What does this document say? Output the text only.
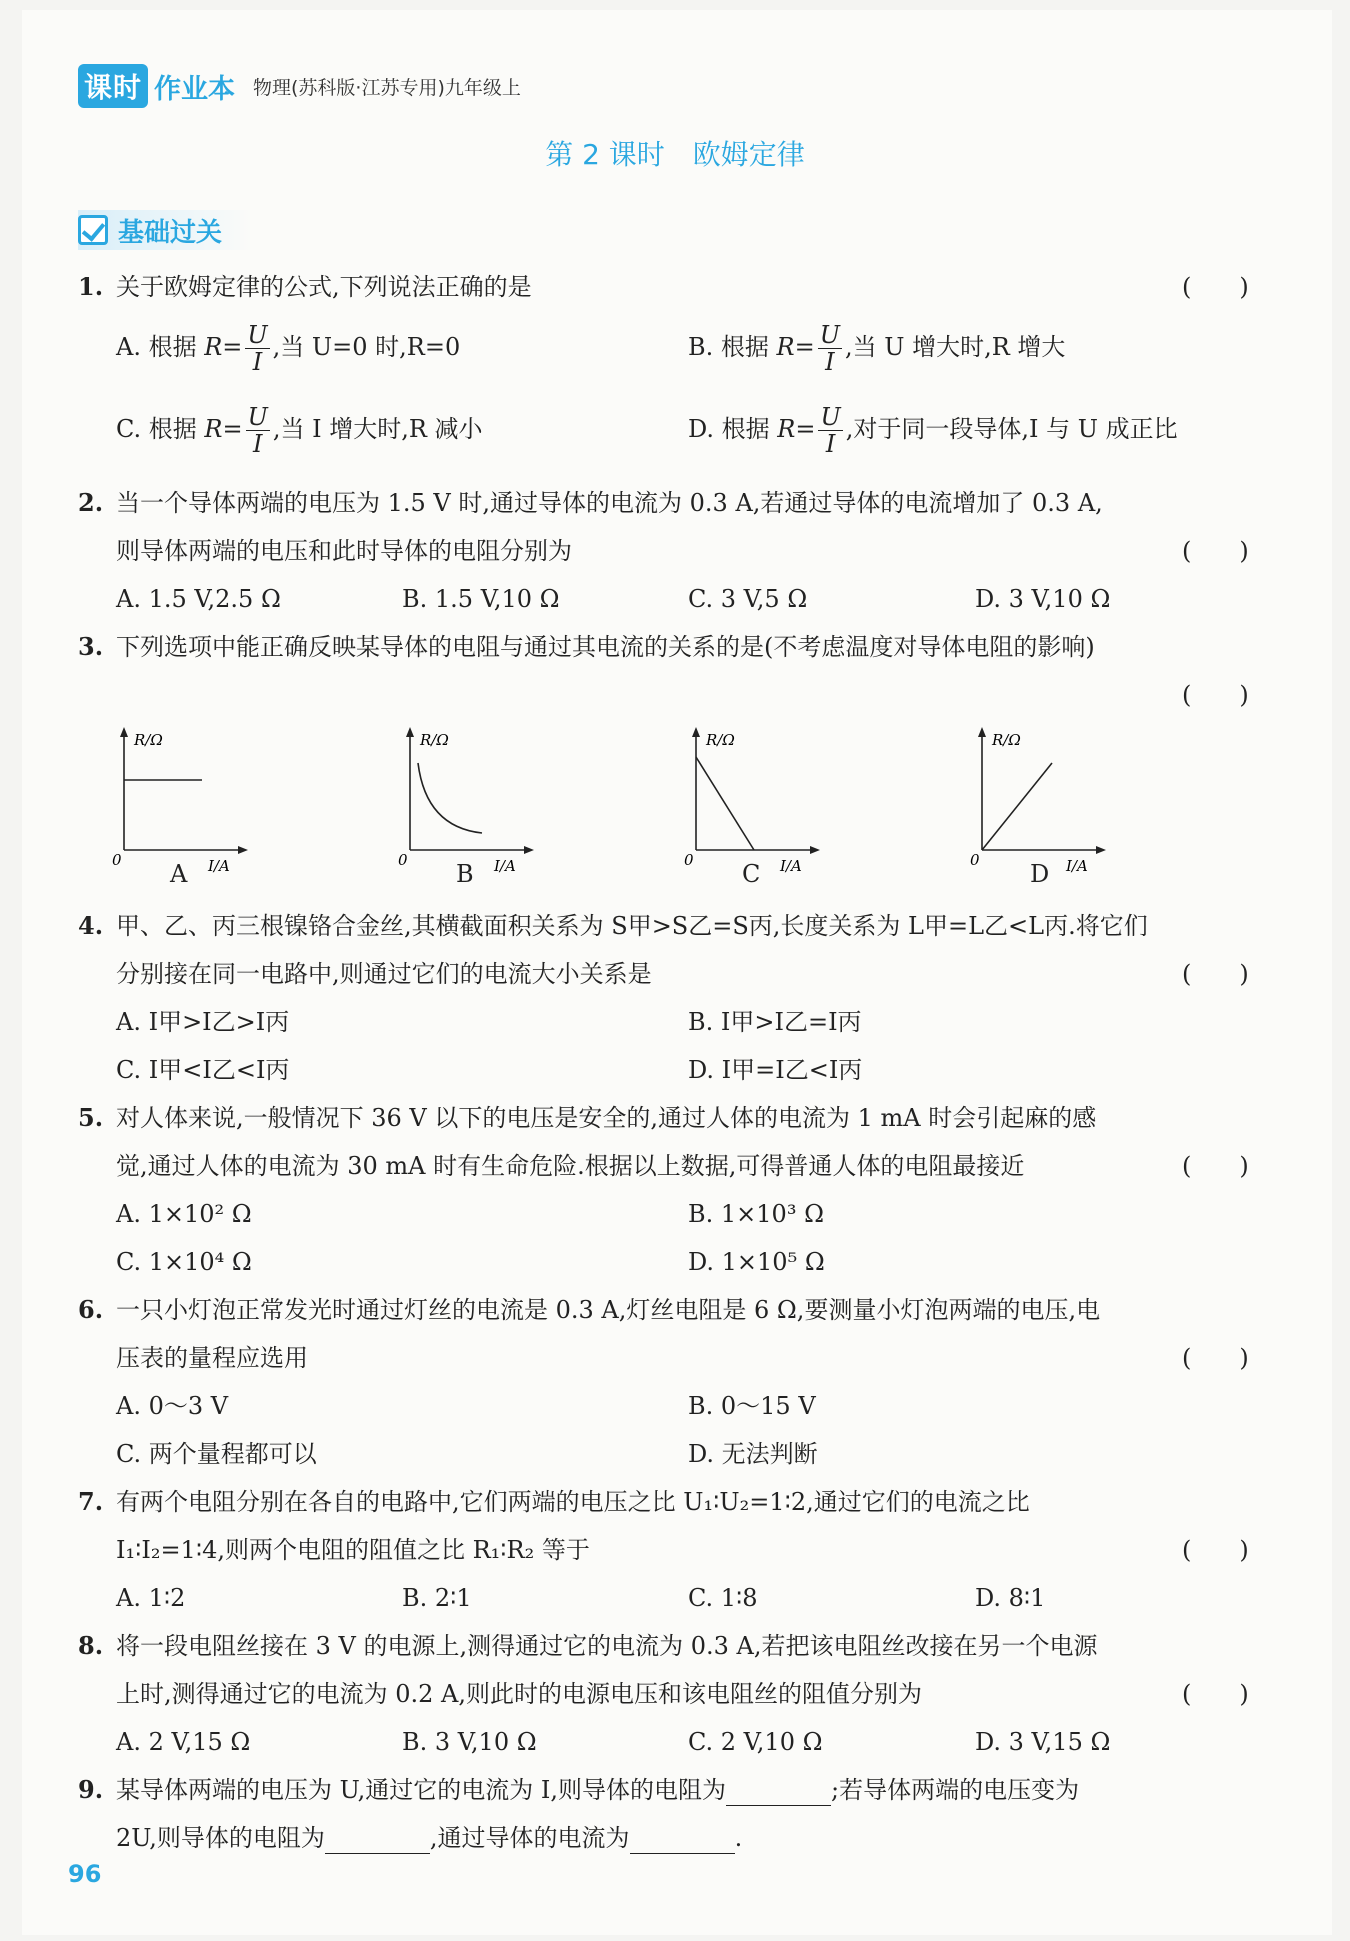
课时 作业本 物理(苏科版·江苏专用)九年级上
第 2 课时　欧姆定律
基础过关
1. 关于欧姆定律的公式,下列说法正确的是	(　　)
A. 根据 $R= \frac{U}{I}$ ,当 U=0 时,R=0	B. 根据 $R= \frac{U}{I}$ ,当 U 增大时,R 增大
C. 根据 $R= \frac{U}{I}$ ,当 I 增大时,R 减小	D. 根据 $R= \frac{U}{I}$ ,对于同一段导体,I 与 U 成正比
2. 当一个导体两端的电压为 1.5 V 时,通过导体的电流为 0.3 A,若通过导体的电流增加了 0.3 A,
则导体两端的电压和此时导体的电阻分别为	(　　)
A. 1.5 V,2.5 Ω	B. 1.5 V,10 Ω	C. 3 V,5 Ω	D. 3 V,10 Ω
3. 下列选项中能正确反映某导体的电阻与通过其电流的关系的是(不考虑温度对导体电阻的影响)
(　　)
R/Ω
I/A
0
R/Ω
I/A
0
R/Ω
I/A
0
R/Ω
I/A
0
A	B	C	D
4. 甲、乙、丙三根镍铬合金丝,其横截面积关系为 S甲>S乙=S丙,长度关系为 L甲=L乙<L丙.将它们
分别接在同一电路中,则通过它们的电流大小关系是	(　　)
A. I甲>I乙>I丙	B. I甲>I乙=I丙
C. I甲<I乙<I丙	D. I甲=I乙<I丙
5. 对人体来说,一般情况下 36 V 以下的电压是安全的,通过人体的电流为 1 mA 时会引起麻的感
觉,通过人体的电流为 30 mA 时有生命危险.根据以上数据,可得普通人体的电阻最接近	(　　)
A. 1×10² Ω	B. 1×10³ Ω
C. 1×10⁴ Ω	D. 1×10⁵ Ω
6. 一只小灯泡正常发光时通过灯丝的电流是 0.3 A,灯丝电阻是 6 Ω,要测量小灯泡两端的电压,电
压表的量程应选用	(　　)
A. 0～3 V	B. 0～15 V
C. 两个量程都可以	D. 无法判断
7. 有两个电阻分别在各自的电路中,它们两端的电压之比 U₁∶U₂=1∶2,通过它们的电流之比
I₁∶I₂=1∶4,则两个电阻的阻值之比 R₁∶R₂ 等于	(　　)
A. 1∶2	B. 2∶1	C. 1∶8	D. 8∶1
8. 将一段电阻丝接在 3 V 的电源上,测得通过它的电流为 0.3 A,若把该电阻丝改接在另一个电源
上时,测得通过它的电流为 0.2 A,则此时的电源电压和该电阻丝的阻值分别为	(　　)
A. 2 V,15 Ω	B. 3 V,10 Ω	C. 2 V,10 Ω	D. 3 V,15 Ω
9. 某导体两端的电压为 U,通过它的电流为 I,则导体的电阻为	;若导体两端的电压变为
2U,则导体的电阻为	,通过导体的电流为	.
96
